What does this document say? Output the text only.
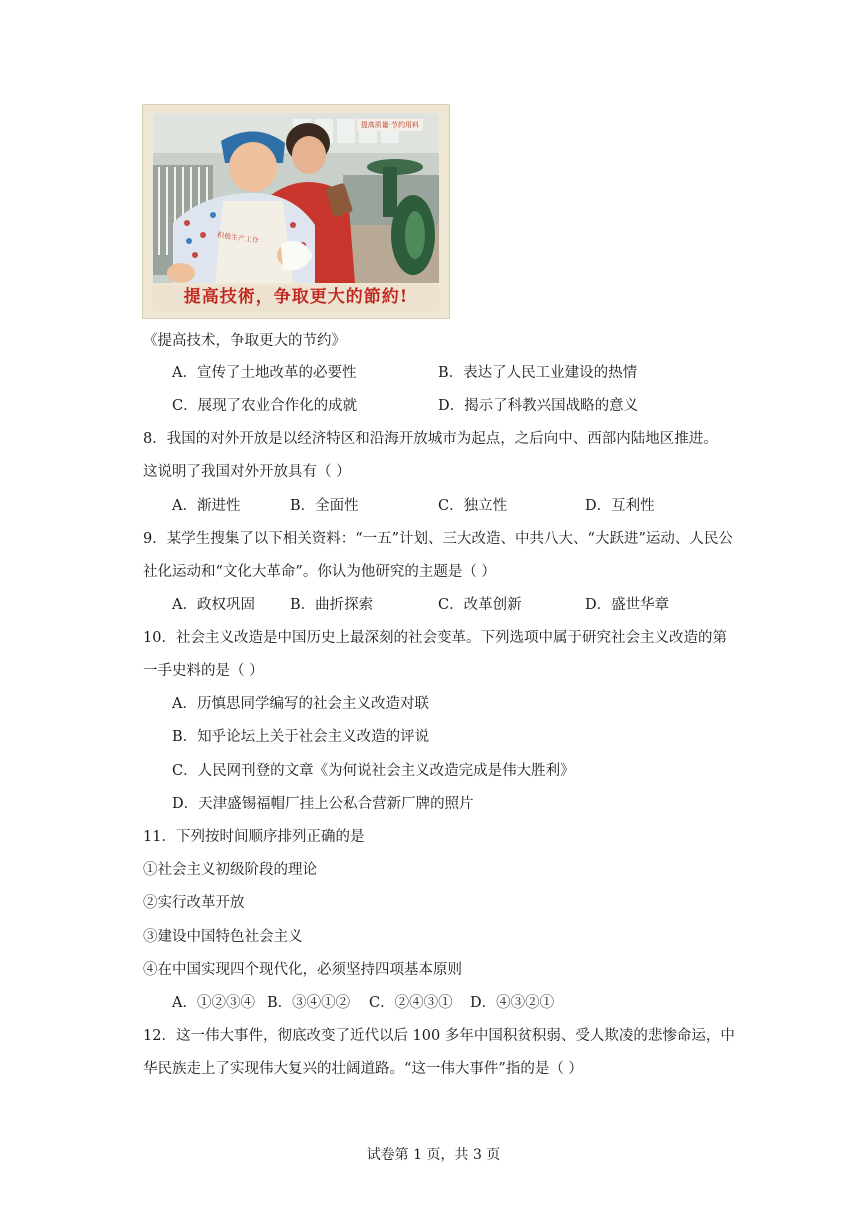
提高质量·节约用料
积极生产工作
提高技術，争取更大的節約!
《提高技术，争取更大的节约》
A．宣传了土地改革的必要性	B．表达了人民工业建设的热情
C．展现了农业合作化的成就	D．揭示了科教兴国战略的意义
8．我国的对外开放是以经济特区和沿海开放城市为起点，之后向中、西部内陆地区推进。
这说明了我国对外开放具有（ ）
A．渐进性	B．全面性	C．独立性	D．互利性
9．某学生搜集了以下相关资料：“一五”计划、三大改造、中共八大、“大跃进”运动、人民公
社化运动和“文化大革命”。你认为他研究的主题是（ ）
A．政权巩固 B．曲折探索	C．改革创新	D．盛世华章
10．社会主义改造是中国历史上最深刻的社会变革。下列选项中属于研究社会主义改造的第
一手史料的是（ ）
A．历慎思同学编写的社会主义改造对联
B．知乎论坛上关于社会主义改造的评说
C．人民网刊登的文章《为何说社会主义改造完成是伟大胜利》
D．天津盛锡福帽厂挂上公私合营新厂牌的照片
11．下列按时间顺序排列正确的是
①社会主义初级阶段的理论
②实行改革开放
③建设中国特色社会主义
④在中国实现四个现代化，必须坚持四项基本原则
A．①②③④ B．③④①② C．②④③① D．④③②①
12．这一伟大事件，彻底改变了近代以后 100 多年中国积贫积弱、受人欺凌的悲惨命运，中
华民族走上了实现伟大复兴的壮阔道路。“这一伟大事件”指的是（ ）
试卷第 1 页，共 3 页
